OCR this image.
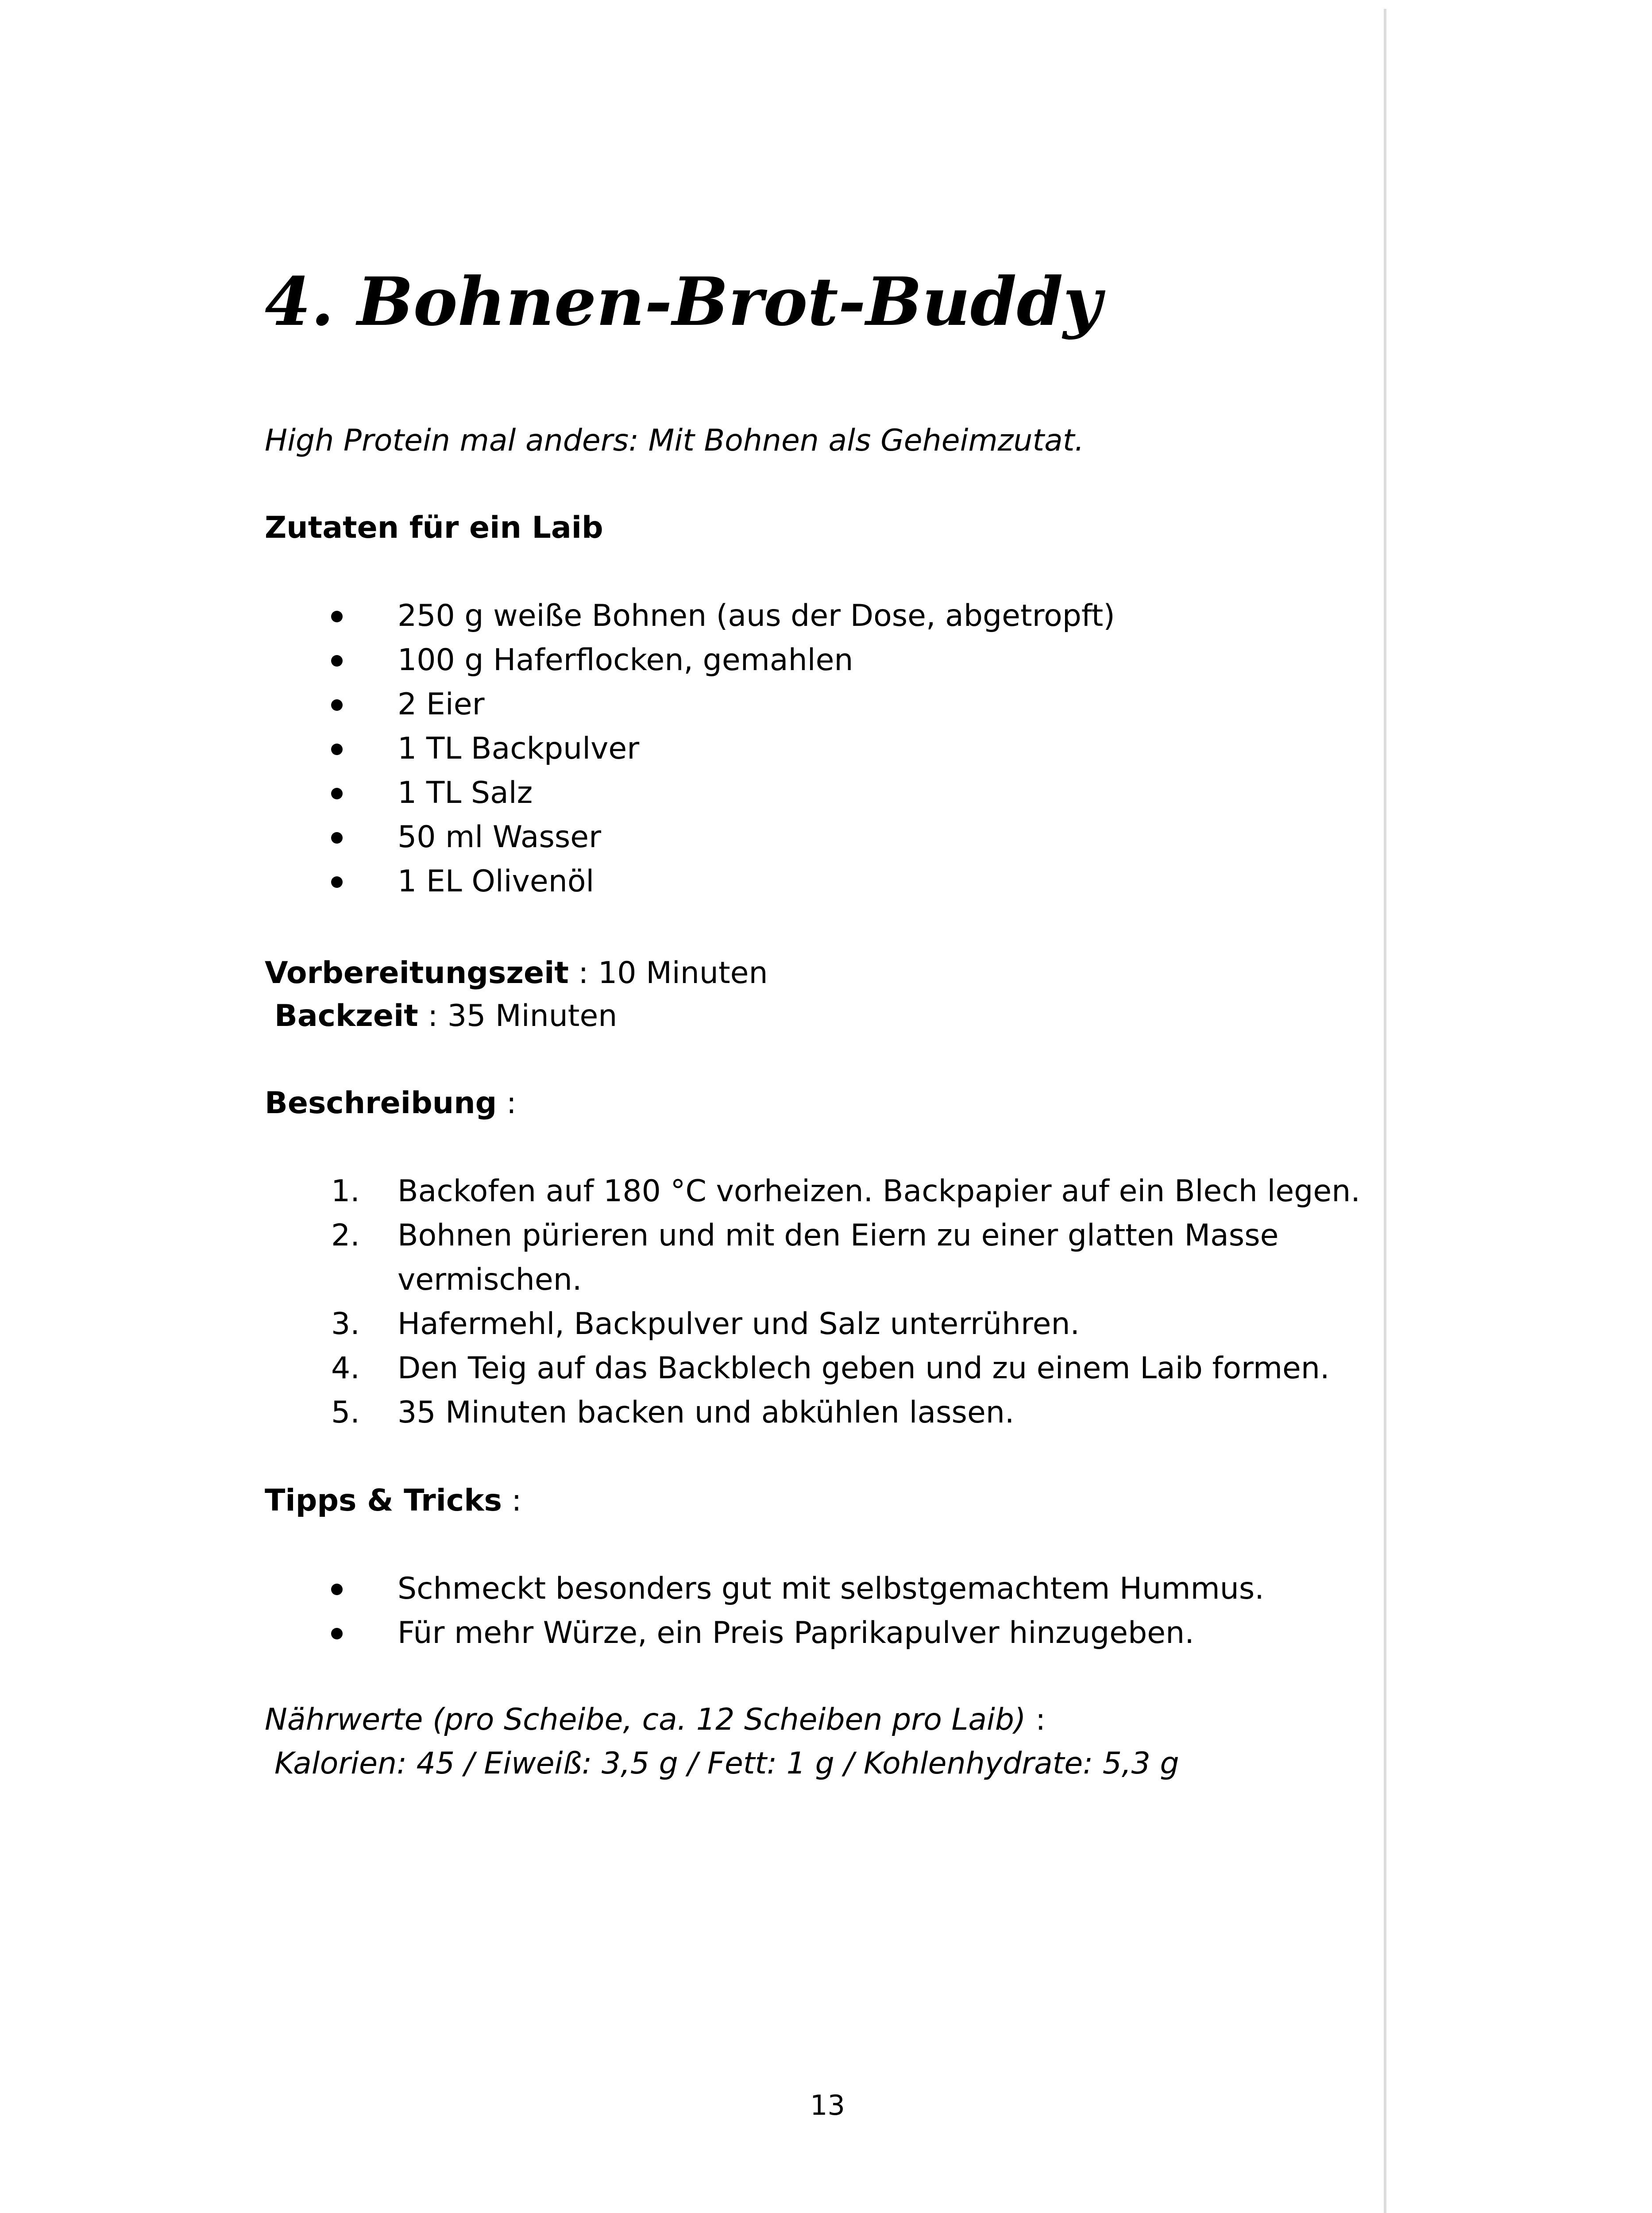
4. Bohnen-Brot-Buddy
High Protein mal anders: Mit Bohnen als Geheimzutat.
Zutaten für ein Laib
250 g weiße Bohnen (aus der Dose, abgetropft)
100 g Haferflocken, gemahlen
2 Eier
1 TL Backpulver
1 TL Salz
50 ml Wasser
1 EL Olivenöl
Vorbereitungszeit : 10 Minuten
Backzeit : 35 Minuten
Beschreibung :
1. Backofen auf 180 °C vorheizen. Backpapier auf ein Blech legen.
2. Bohnen pürieren und mit den Eiern zu einer glatten Masse
vermischen.
3. Hafermehl, Backpulver und Salz unterrühren.
4. Den Teig auf das Backblech geben und zu einem Laib formen.
5. 35 Minuten backen und abkühlen lassen.
Tipps & Tricks :
Schmeckt besonders gut mit selbstgemachtem Hummus.
Für mehr Würze, ein Preis Paprikapulver hinzugeben.
Nährwerte (pro Scheibe, ca. 12 Scheiben pro Laib) :
Kalorien: 45 / Eiweiß: 3,5 g / Fett: 1 g / Kohlenhydrate: 5,3 g
13
